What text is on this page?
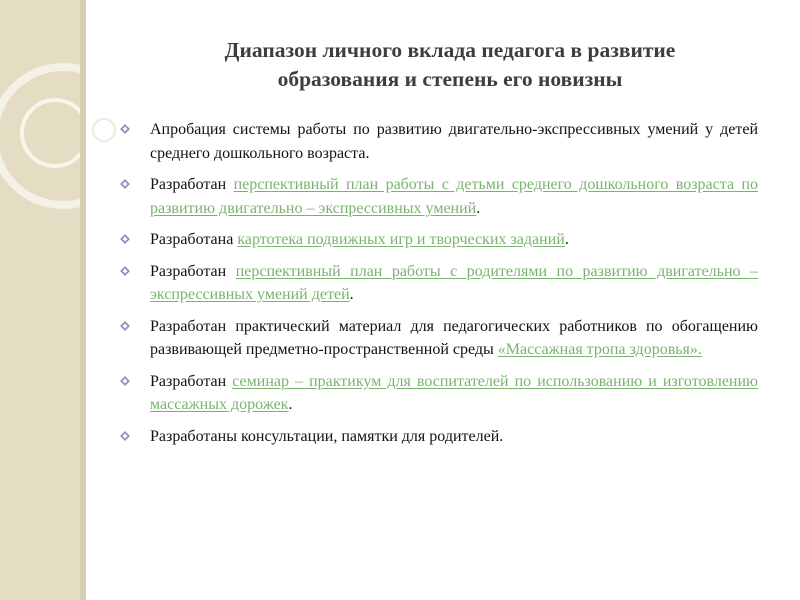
Диапазон личного вклада педагога в развитие
образования и степень его новизны
Апробация системы работы по развитию двигательно-экспрессивных умений у детей среднего дошкольного возраста.
Разработан перспективный план работы с детьми среднего дошкольного возраста по развитию двигательно – экспрессивных умений.
Разработана картотека подвижных игр и творческих заданий.
Разработан перспективный план работы с родителями по развитию двигательно – экспрессивных умений детей.
Разработан практический материал для педагогических работников по обогащению развивающей предметно-пространственной среды «Массажная тропа здоровья».
Разработан семинар – практикум для воспитателей по использованию и изготовлению массажных дорожек.
Разработаны консультации, памятки для родителей.
